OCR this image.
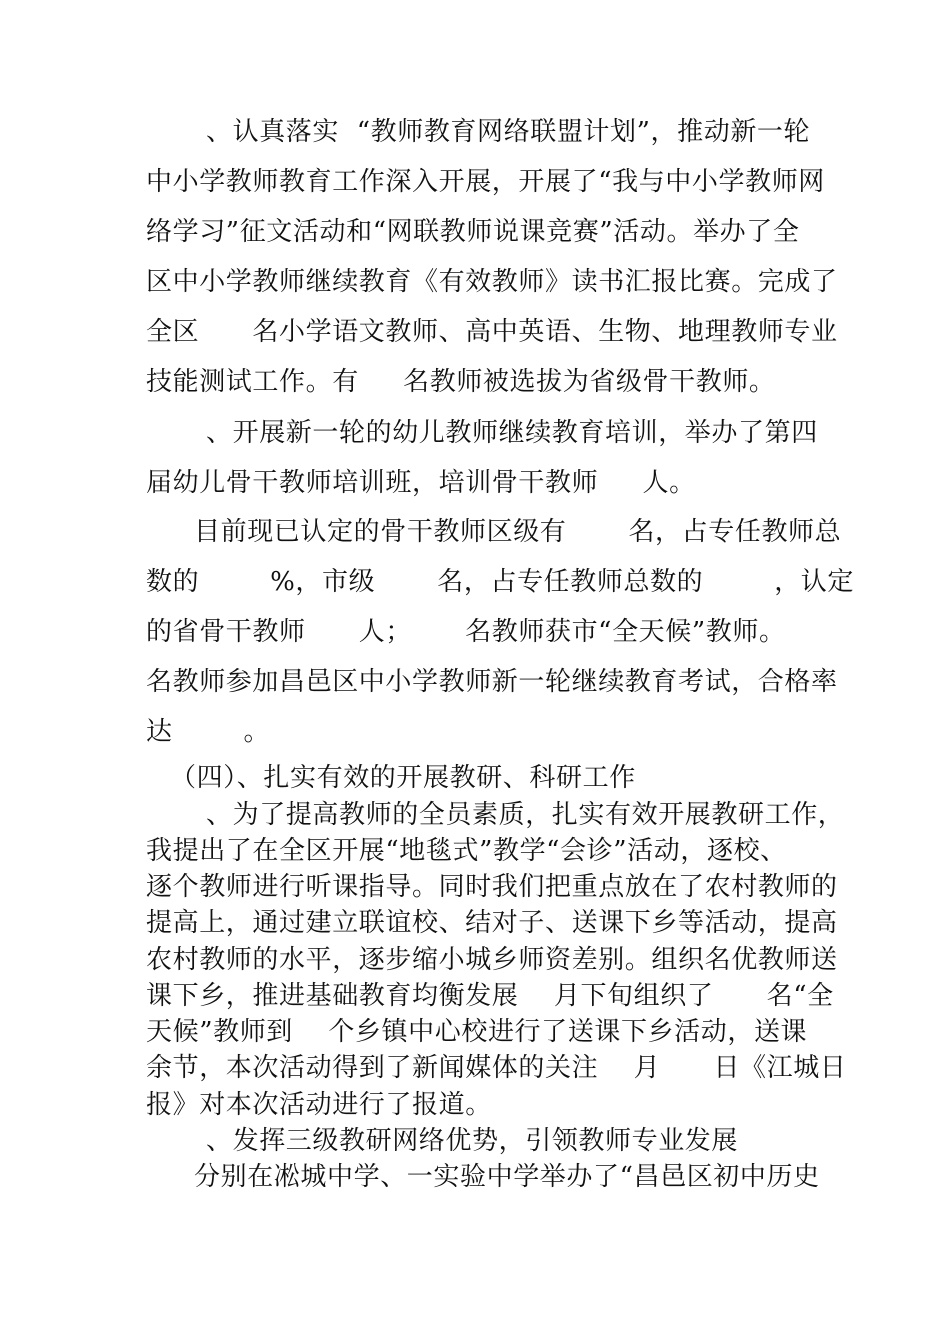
、认真落实  “教师教育网络联盟计划”，推动新一轮
中小学教师教育工作深入开展，开展了“我与中小学教师网
络学习”征文活动和“网联教师说课竞赛”活动。举办了全
区中小学教师继续教育《有效教师》读书汇报比赛。完成了
全区      名小学语文教师、高中英语、生物、地理教师专业
技能测试工作。有     名教师被选拔为省级骨干教师。
、开展新一轮的幼儿教师继续教育培训，举办了第四
届幼儿骨干教师培训班，培训骨干教师     人。
目前现已认定的骨干教师区级有       名，占专任教师总
数的        %，市级       名，占专任教师总数的        ，认定
的省骨干教师      人；      名教师获市“全天候”教师。
名教师参加昌邑区中小学教师新一轮继续教育考试，合格率
达        。
（四）、扎实有效的开展教研、科研工作
、为了提高教师的全员素质，扎实有效开展教研工作，
我提出了在全区开展“地毯式”教学“会诊”活动，逐校、
逐个教师进行听课指导。同时我们把重点放在了农村教师的
提高上，通过建立联谊校、结对子、送课下乡等活动，提高
农村教师的水平，逐步缩小城乡师资差别。组织名优教师送
课下乡，推进基础教育均衡发展    月下旬组织了      名“全
天候”教师到    个乡镇中心校进行了送课下乡活动，送课
余节，本次活动得到了新闻媒体的关注    月      日《江城日
报》对本次活动进行了报道。
、发挥三级教研网络优势，引领教师专业发展
分别在凇城中学、一实验中学举办了“昌邑区初中历史
